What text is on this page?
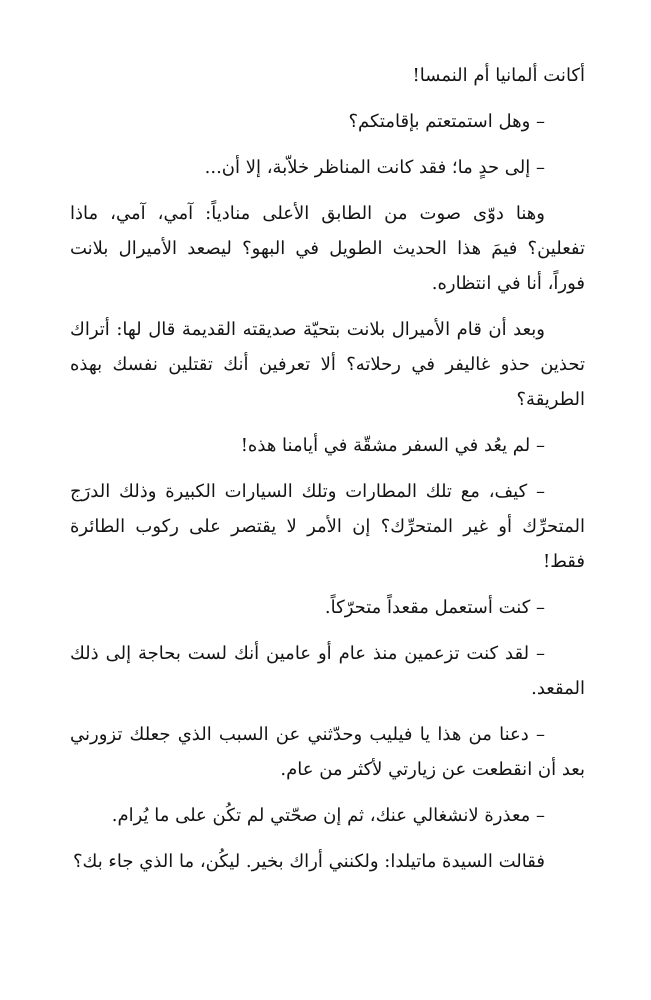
أكانت ألمانيا أم النمسا!

– وهل استمتعتم بإقامتكم؟

– إلى حدٍ ما؛ فقد كانت المناظر خلاّبة، إلا أن...

وهنا دوّى صوت من الطابق الأعلى منادياً: آمي، آمي، ماذا تفعلين؟ فيمَ هذا الحديث الطويل في البهو؟ ليصعد الأميرال بلانت فوراً، أنا في انتظاره.

وبعد أن قام الأميرال بلانت بتحيّة صديقته القديمة قال لها: أتراك تحذين حذو غاليفر في رحلاته؟ ألا تعرفين أنك تقتلين نفسك بهذه الطريقة؟

– لم يعُد في السفر مشقّة في أيامنا هذه!

– كيف، مع تلك المطارات وتلك السيارات الكبيرة وذلك الدرَج المتحرِّك أو غير المتحرِّك؟ إن الأمر لا يقتصر على ركوب الطائرة فقط!

– كنت أستعمل مقعداً متحرّكاً.

– لقد كنت تزعمين منذ عام أو عامين أنك لست بحاجة إلى ذلك المقعد.

– دعنا من هذا يا فيليب وحدّثني عن السبب الذي جعلك تزورني بعد أن انقطعت عن زيارتي لأكثر من عام.

– معذرة لانشغالي عنك، ثم إن صحّتي لم تكُن على ما يُرام.

فقالت السيدة ماتيلدا: ولكنني أراك بخير. ليكُن، ما الذي جاء بك؟
